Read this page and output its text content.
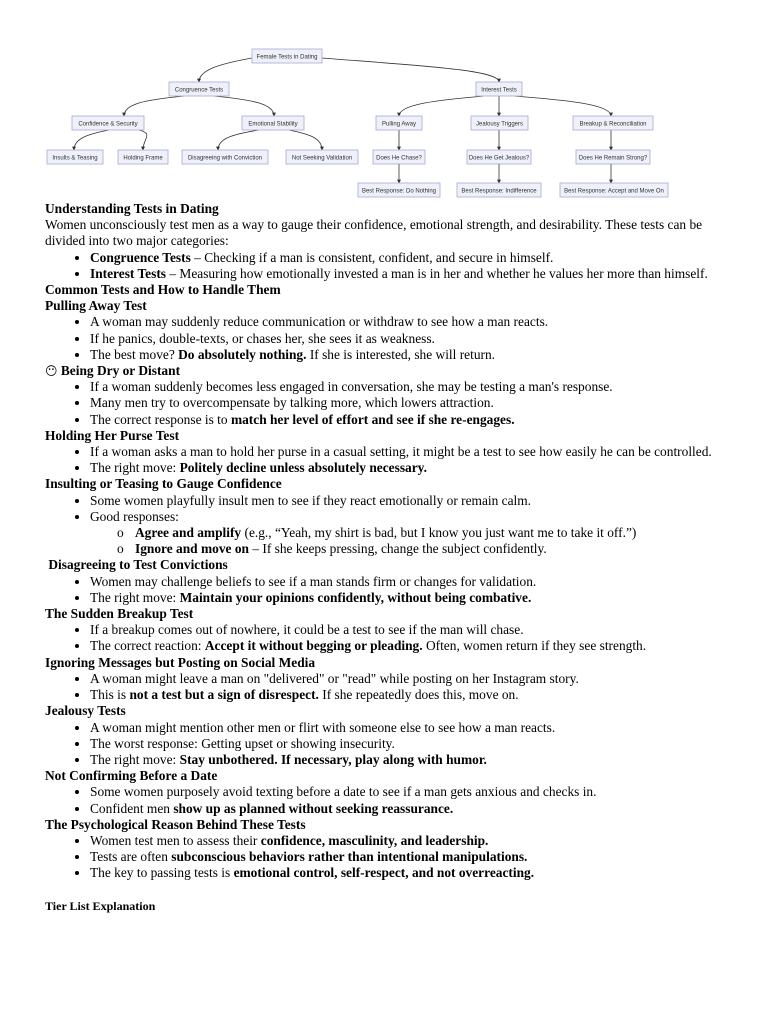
Female Tests in Dating
Congruence Tests	Interest Tests
Confidence & Security	Emotional Stability	Pulling Away	Jealousy Triggers	Breakup & Reconciliation
Insults & Teasing	Holding Frame	Disagreeing with Conviction	Not Seeking Validation	Does He Chase?	Does He Get Jealous?	Does He Remain Strong?
Best Response: Do Nothing	Best Response: Indifference	Best Response: Accept and Move On
Understanding Tests in Dating
Women unconsciously test men as a way to gauge their confidence, emotional strength, and desirability. These tests can be divided into two major categories:
• Congruence Tests – Checking if a man is consistent, confident, and secure in himself.
• Interest Tests – Measuring how emotionally invested a man is in her and whether he values her more than himself.
Common Tests and How to Handle Them
Pulling Away Test
• A woman may suddenly reduce communication or withdraw to see how a man reacts.
• If he panics, double-texts, or chases her, she sees it as weakness.
• The best move? Do absolutely nothing. If she is interested, she will return.
😶 Being Dry or Distant
• If a woman suddenly becomes less engaged in conversation, she may be testing a man's response.
• Many men try to overcompensate by talking more, which lowers attraction.
• The correct response is to match her level of effort and see if she re-engages.
Holding Her Purse Test
• If a woman asks a man to hold her purse in a casual setting, it might be a test to see how easily he can be controlled.
• The right move: Politely decline unless absolutely necessary.
Insulting or Teasing to Gauge Confidence
• Some women playfully insult men to see if they react emotionally or remain calm.
• Good responses:
o Agree and amplify (e.g., “Yeah, my shirt is bad, but I know you just want me to take it off.”)
o Ignore and move on – If she keeps pressing, change the subject confidently.
Disagreeing to Test Convictions
• Women may challenge beliefs to see if a man stands firm or changes for validation.
• The right move: Maintain your opinions confidently, without being combative.
The Sudden Breakup Test
• If a breakup comes out of nowhere, it could be a test to see if the man will chase.
• The correct reaction: Accept it without begging or pleading. Often, women return if they see strength.
Ignoring Messages but Posting on Social Media
• A woman might leave a man on "delivered" or "read" while posting on her Instagram story.
• This is not a test but a sign of disrespect. If she repeatedly does this, move on.
Jealousy Tests
• A woman might mention other men or flirt with someone else to see how a man reacts.
• The worst response: Getting upset or showing insecurity.
• The right move: Stay unbothered. If necessary, play along with humor.
Not Confirming Before a Date
• Some women purposely avoid texting before a date to see if a man gets anxious and checks in.
• Confident men show up as planned without seeking reassurance.
The Psychological Reason Behind These Tests
• Women test men to assess their confidence, masculinity, and leadership.
• Tests are often subconscious behaviors rather than intentional manipulations.
• The key to passing tests is emotional control, self-respect, and not overreacting.
Tier List Explanation
